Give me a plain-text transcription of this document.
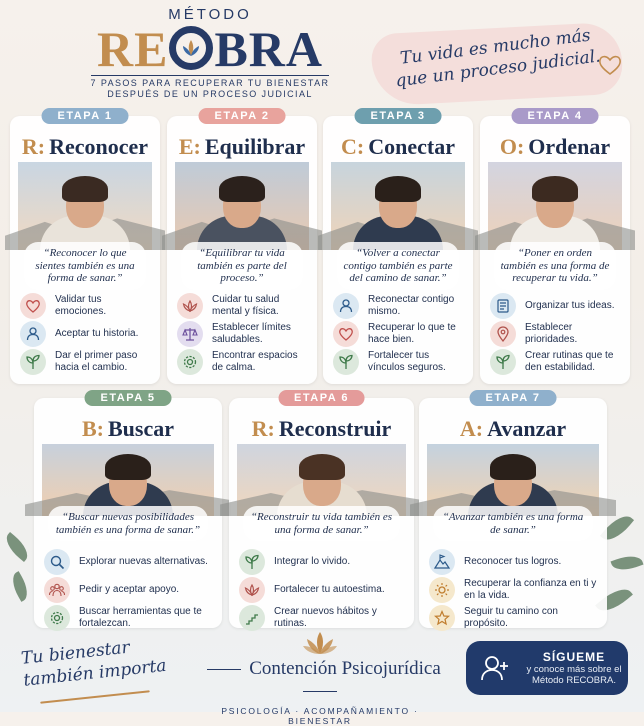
MÉTODO
RE BRA
7 PASOS PARA RECUPERAR TU BIENESTAR
DESPUÉS DE UN PROCESO JUDICIAL
Tu vida es mucho más que un proceso judicial.
ETAPA 1
R: Reconocer
“Reconocer lo que sientes también es una forma de sanar.”
Validar tus emociones.
Aceptar tu historia.
Dar el primer paso hacia el cambio.
ETAPA 2
E: Equilibrar
“Equilibrar tu vida también es parte del proceso.”
Cuidar tu salud mental y física.
Establecer límites saludables.
Encontrar espacios de calma.
ETAPA 3
C: Conectar
“Volver a conectar contigo también es parte del camino de sanar.”
Reconectar contigo mismo.
Recuperar lo que te hace bien.
Fortalecer tus vínculos seguros.
ETAPA 4
O: Ordenar
“Poner en orden también es una forma de recuperar tu vida.”
Organizar tus ideas.
Establecer prioridades.
Crear rutinas que te den estabilidad.
ETAPA 5
B: Buscar
“Buscar nuevas posibilidades también es una forma de sanar.”
Explorar nuevas alternativas.
Pedir y aceptar apoyo.
Buscar herramientas que te fortalezcan.
ETAPA 6
R: Reconstruir
“Reconstruir tu vida también es una forma de sanar.”
Integrar lo vivido.
Fortalecer tu autoestima.
Crear nuevos hábitos y rutinas.
ETAPA 7
A: Avanzar
“Avanzar también es una forma de sanar.”
Reconocer tus logros.
Recuperar la confianza en ti y en la vida.
Seguir tu camino con propósito.
Tu bienestar también importa	Contención Psicojurídica
PSICOLOGÍA · ACOMPAÑAMIENTO · BIENESTAR
SÍGUEME
y conoce más sobre el Método RECOBRA.
